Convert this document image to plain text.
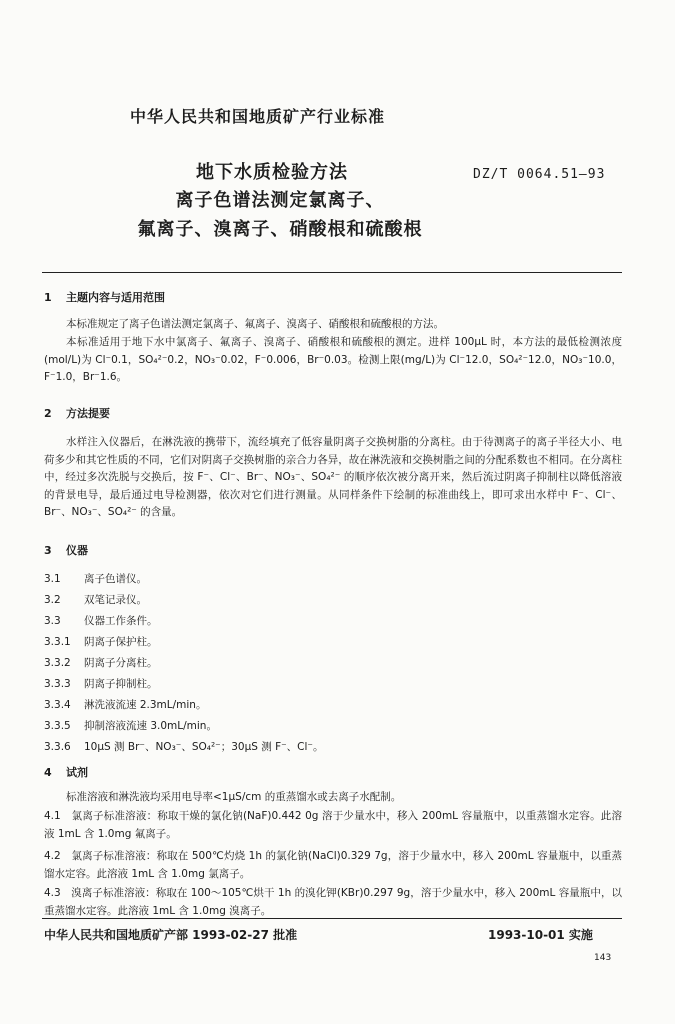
中华人民共和国地质矿产行业标准
地下水质检验方法
离子色谱法测定氯离子、
氟离子、溴离子、硝酸根和硫酸根
DZ/T 0064.51—93
1 主题内容与适用范围
本标准规定了离子色谱法测定氯离子、氟离子、溴离子、硝酸根和硫酸根的方法。
本标准适用于地下水中氯离子、氟离子、溴离子、硝酸根和硫酸根的测定。进样 100μL 时，本方法的最低检测浓度(mol/L)为 Cl⁻0.1，SO₄²⁻0.2，NO₃⁻0.02，F⁻0.006，Br⁻0.03。检测上限(mg/L)为 Cl⁻12.0，SO₄²⁻12.0，NO₃⁻10.0，F⁻1.0，Br⁻1.6。
2 方法提要
水样注入仪器后，在淋洗液的携带下，流经填充了低容量阴离子交换树脂的分离柱。由于待测离子的离子半径大小、电荷多少和其它性质的不同，它们对阴离子交换树脂的亲合力各异，故在淋洗液和交换树脂之间的分配系数也不相同。在分离柱中，经过多次洗脱与交换后，按 F⁻、Cl⁻、Br⁻、NO₃⁻、SO₄²⁻ 的顺序依次被分离开来，然后流过阴离子抑制柱以降低溶液的背景电导，最后通过电导检测器，依次对它们进行测量。从同样条件下绘制的标准曲线上，即可求出水样中 F⁻、Cl⁻、Br⁻、NO₃⁻、SO₄²⁻ 的含量。
3 仪器
3.1 离子色谱仪。
3.2 双笔记录仪。
3.3 仪器工作条件。
3.3.1 阴离子保护柱。
3.3.2 阴离子分离柱。
3.3.3 阴离子抑制柱。
3.3.4 淋洗液流速 2.3mL/min。
3.3.5 抑制溶液流速 3.0mL/min。
3.3.6 10μS 测 Br⁻、NO₃⁻、SO₄²⁻；30μS 测 F⁻、Cl⁻。
4 试剂
标准溶液和淋洗液均采用电导率<1μS/cm 的重蒸馏水或去离子水配制。
4.1　氯离子标准溶液：称取干燥的氯化钠(NaF)0.442 0g 溶于少量水中，移入 200mL 容量瓶中，以重蒸馏水定容。此溶液 1mL 含 1.0mg 氟离子。
4.2　氯离子标准溶液：称取在 500℃灼烧 1h 的氯化钠(NaCl)0.329 7g，溶于少量水中，移入 200mL 容量瓶中，以重蒸馏水定容。此溶液 1mL 含 1.0mg 氯离子。
4.3　溴离子标准溶液：称取在 100～105℃烘干 1h 的溴化钾(KBr)0.297 9g，溶于少量水中，移入 200mL 容量瓶中，以重蒸馏水定容。此溶液 1mL 含 1.0mg 溴离子。
中华人民共和国地质矿产部 1993-02-27 批准	1993-10-01 实施
143
